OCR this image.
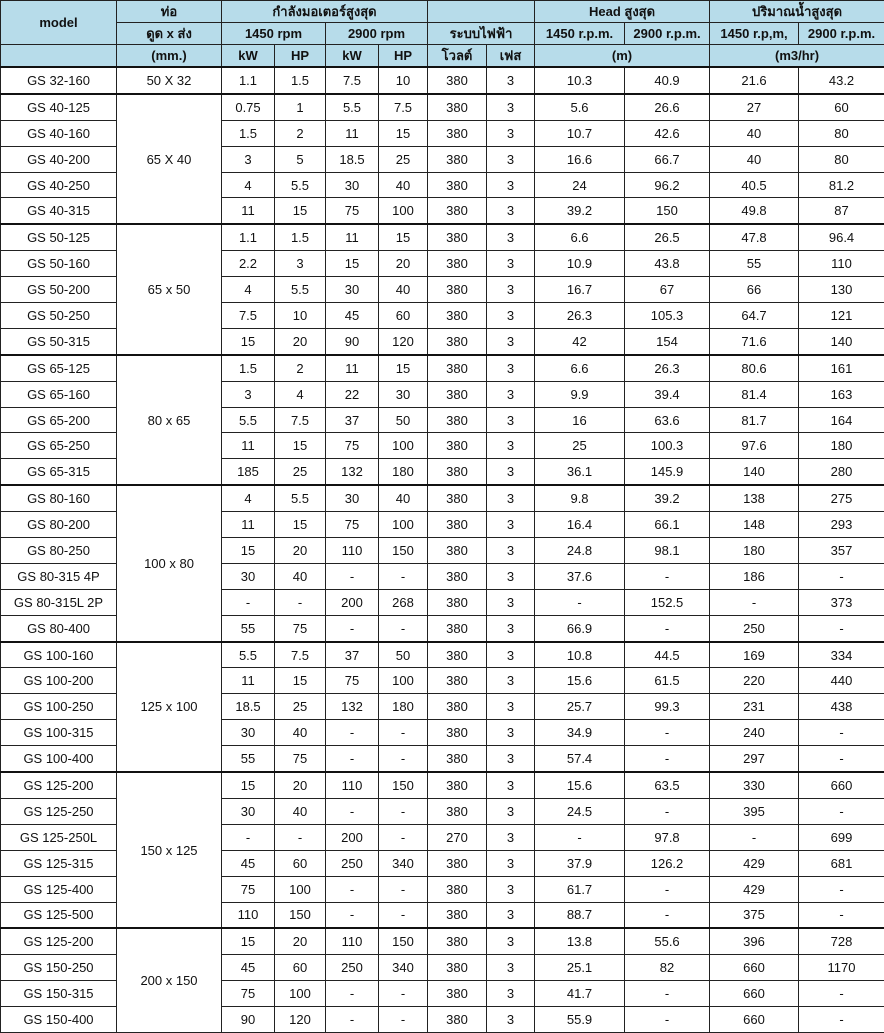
model	ท่อ	กำลังมอเตอร์สูงสุด						Head สูงสุด		ปริมาณน้ำสูงสุด	
	ดูด x ส่ง	1450 rpm		2900 rpm		ระบบไฟฟ้า		1450 r.p.m.	2900 r.p.m.	1450 r.p,m,	2900 r.p.m.
	(mm.)	kW	HP	kW	HP	โวลต์	เฟส	(m)		(m3/hr)	
GS 32-160	50 X 32	1.1	1.5	7.5	10	380	3	10.3	40.9	21.6	43.2
GS 40-125	65 X 40	0.75	1	5.5	7.5	380	3	5.6	26.6	27	60
GS 40-160		1.5	2	11	15	380	3	10.7	42.6	40	80
GS 40-200		3	5	18.5	25	380	3	16.6	66.7	40	80
GS 40-250		4	5.5	30	40	380	3	24	96.2	40.5	81.2
GS 40-315		11	15	75	100	380	3	39.2	150	49.8	87
GS 50-125	65 x 50	1.1	1.5	11	15	380	3	6.6	26.5	47.8	96.4
GS 50-160		2.2	3	15	20	380	3	10.9	43.8	55	110
GS 50-200		4	5.5	30	40	380	3	16.7	67	66	130
GS 50-250		7.5	10	45	60	380	3	26.3	105.3	64.7	121
GS 50-315		15	20	90	120	380	3	42	154	71.6	140
GS 65-125	80 x 65	1.5	2	11	15	380	3	6.6	26.3	80.6	161
GS 65-160		3	4	22	30	380	3	9.9	39.4	81.4	163
GS 65-200		5.5	7.5	37	50	380	3	16	63.6	81.7	164
GS 65-250		11	15	75	100	380	3	25	100.3	97.6	180
GS 65-315		185	25	132	180	380	3	36.1	145.9	140	280
GS 80-160	100 x 80	4	5.5	30	40	380	3	9.8	39.2	138	275
GS 80-200		11	15	75	100	380	3	16.4	66.1	148	293
GS 80-250		15	20	110	150	380	3	24.8	98.1	180	357
GS 80-315 4P		30	40	-	-	380	3	37.6	-	186	-
GS 80-315L 2P		-	-	200	268	380	3	-	152.5	-	373
GS 80-400		55	75	-	-	380	3	66.9	-	250	-
GS 100-160	125 x 100	5.5	7.5	37	50	380	3	10.8	44.5	169	334
GS 100-200		11	15	75	100	380	3	15.6	61.5	220	440
GS 100-250		18.5	25	132	180	380	3	25.7	99.3	231	438
GS 100-315		30	40	-	-	380	3	34.9	-	240	-
GS 100-400		55	75	-	-	380	3	57.4	-	297	-
GS 125-200	150 x 125	15	20	110	150	380	3	15.6	63.5	330	660
GS 125-250		30	40	-	-	380	3	24.5	-	395	-
GS 125-250L		-	-	200	-	270	3	-	97.8	-	699
GS 125-315		45	60	250	340	380	3	37.9	126.2	429	681
GS 125-400		75	100	-	-	380	3	61.7	-	429	-
GS 125-500		110	150	-	-	380	3	88.7	-	375	-
GS 125-200	200 x 150	15	20	110	150	380	3	13.8	55.6	396	728
GS 150-250		45	60	250	340	380	3	25.1	82	660	1170
GS 150-315		75	100	-	-	380	3	41.7	-	660	-
GS 150-400		90	120	-	-	380	3	55.9	-	660	-
